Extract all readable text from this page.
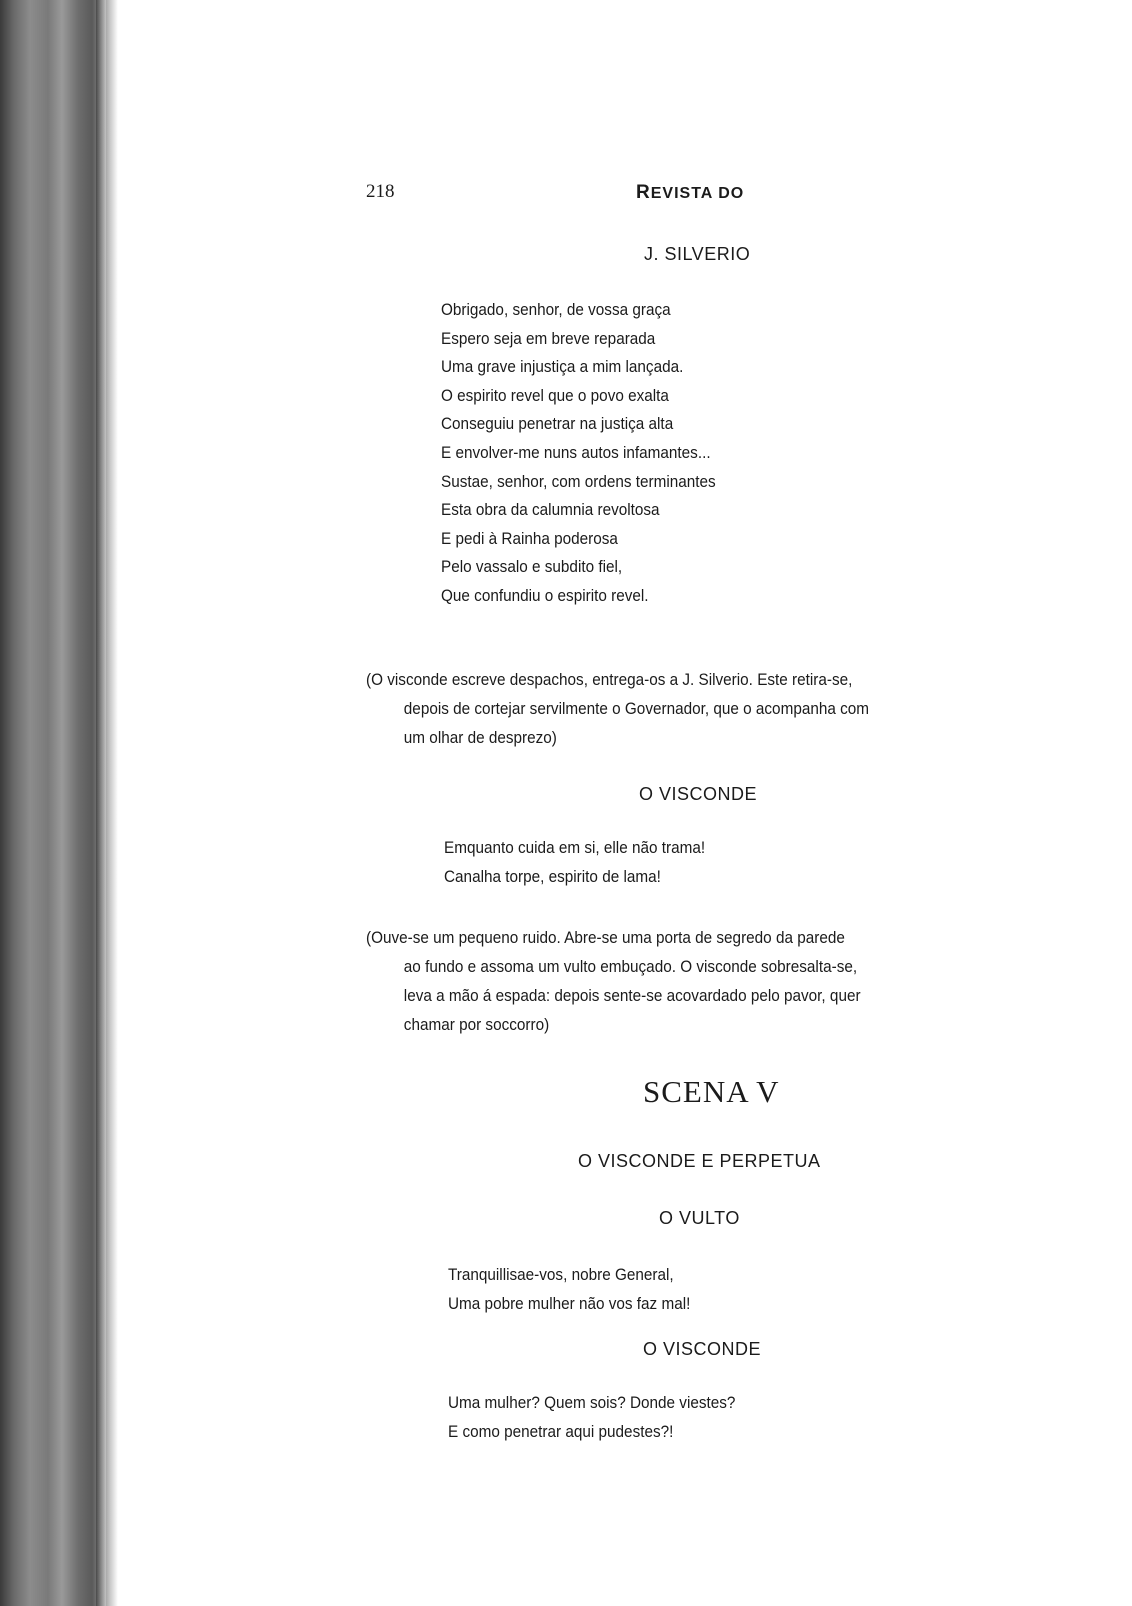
218	REVISTA DO
J. SILVERIO
Obrigado, senhor, de vossa graça
Espero seja em breve reparada
Uma grave injustiça a mim lançada.
O espirito revel que o povo exalta
Conseguiu penetrar na justiça alta
E envolver-me nuns autos infamantes...
Sustae, senhor, com ordens terminantes
Esta obra da calumnia revoltosa
E pedi à Rainha poderosa
Pelo vassalo e subdito fiel,
Que confundiu o espirito revel.
(O visconde escreve despachos, entrega-os a J. Silverio. Este retira-se,
depois de cortejar servilmente o Governador, que o acompanha com
um olhar de desprezo)
O VISCONDE
Emquanto cuida em si, elle não trama!
Canalha torpe, espirito de lama!
(Ouve-se um pequeno ruido. Abre-se uma porta de segredo da parede
ao fundo e assoma um vulto embuçado. O visconde sobresalta-se,
leva a mão á espada: depois sente-se acovardado pelo pavor, quer
chamar por soccorro)
SCENA V
O VISCONDE E PERPETUA
O VULTO
Tranquillisae-vos, nobre General,
Uma pobre mulher não vos faz mal!
O VISCONDE
Uma mulher? Quem sois? Donde viestes?
E como penetrar aqui pudestes?!
